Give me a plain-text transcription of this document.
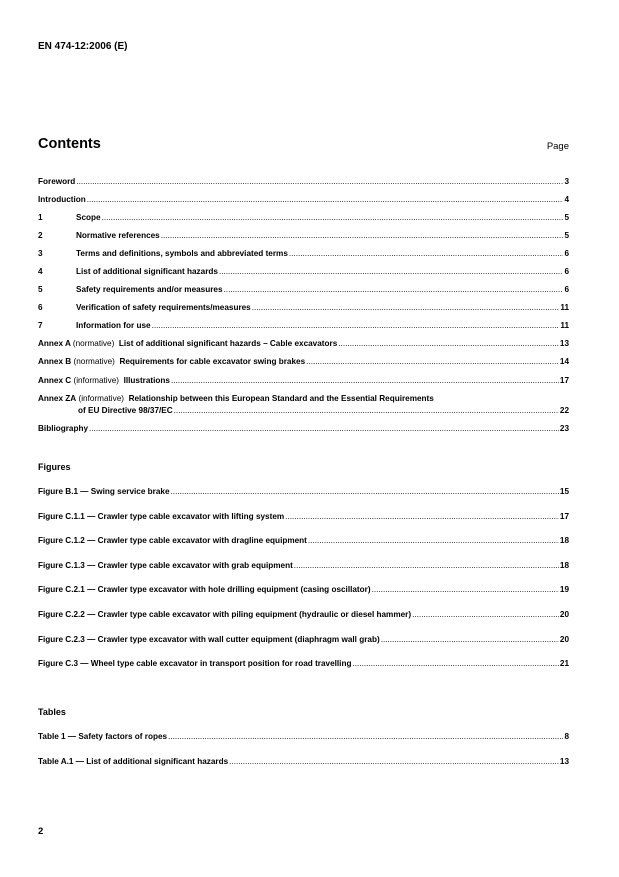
EN 474-12:2006 (E)
Contents	Page
Foreword .....	3
Introduction .....	4
1	Scope .....	5
2	Normative references .....	5
3	Terms and definitions, symbols and abbreviated terms .....	6
4	List of additional significant hazards .....	6
5	Safety requirements and/or measures .....	6
6	Verification of safety requirements/measures .....	11
7	Information for use .....	11
Annex A (normative) List of additional significant hazards – Cable excavators .....	13
Annex B (normative) Requirements for cable excavator swing brakes .....	14
Annex C (informative) Illustrations .....	17
Annex ZA (informative) Relationship between this European Standard and the Essential Requirements
of EU Directive 98/37/EC .....	22
Bibliography .....	23
Figures
Figure B.1 — Swing service brake .....	15
Figure C.1.1 — Crawler type cable excavator with lifting system .....	17
Figure C.1.2 — Crawler type cable excavator with dragline equipment .....	18
Figure C.1.3 — Crawler type cable excavator with grab equipment .....	18
Figure C.2.1 — Crawler type excavator with hole drilling equipment (casing oscillator) .....	19
Figure C.2.2 — Crawler type cable excavator with piling equipment (hydraulic or diesel hammer) .....	20
Figure C.2.3 — Crawler type excavator with wall cutter equipment (diaphragm wall grab) .....	20
Figure C.3 — Wheel type cable excavator in transport position for road travelling .....	21
Tables
Table 1 — Safety factors of ropes .....	8
Table A.1 — List of additional significant hazards .....	13
2
